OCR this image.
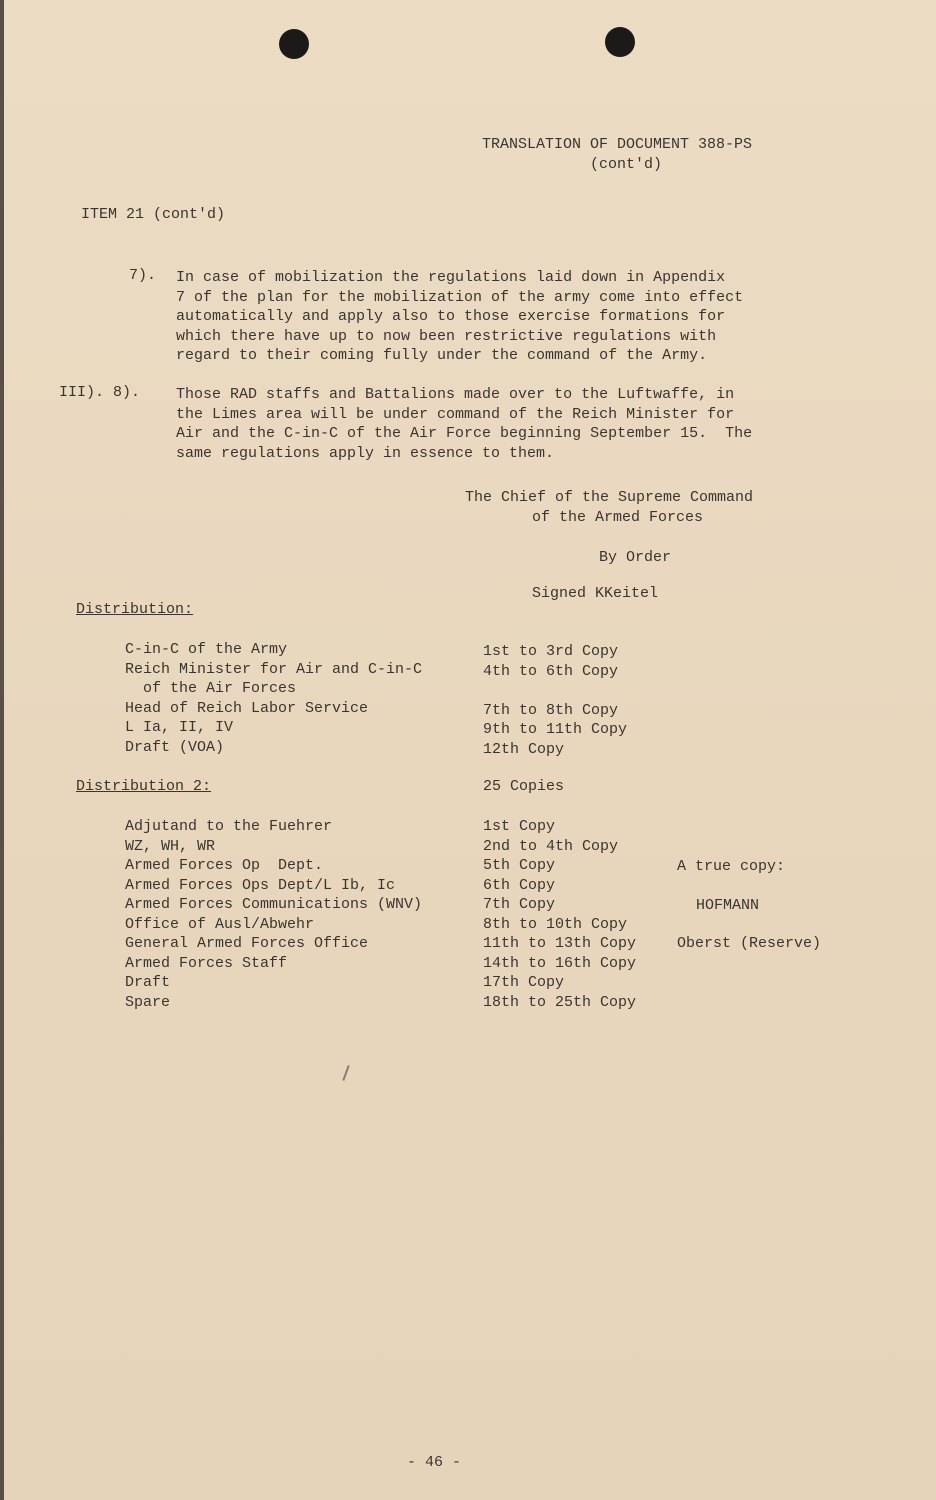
TRANSLATION OF DOCUMENT 388-PS
(cont'd)
ITEM 21 (cont'd)
7). In case of mobilization the regulations laid down in Appendix
7 of the plan for the mobilization of the army come into effect
automatically and apply also to those exercise formations for
which there have up to now been restrictive regulations with
regard to their coming fully under the command of the Army.
III). 8). Those RAD staffs and Battalions made over to the Luftwaffe, in
the Limes area will be under command of the Reich Minister for
Air and the C-in-C of the Air Force beginning September 15.  The
same regulations apply in essence to them.
The Chief of the Supreme Command
of the Armed Forces
By Order
Signed KKeitel
Distribution:
C-in-C of the Army
Reich Minister for Air and C-in-C
of the Air Forces
Head of Reich Labor Service
L Ia, II, IV
Draft (VOA)
1st to 3rd Copy
4th to 6th Copy
7th to 8th Copy
9th to 11th Copy
12th Copy
Distribution 2:	25 Copies
Adjutand to the Fuehrer
WZ, WH, WR
Armed Forces Op  Dept.
Armed Forces Ops Dept/L Ib, Ic
Armed Forces Communications (WNV)
Office of Ausl/Abwehr
General Armed Forces Office
Armed Forces Staff
Draft
Spare
1st Copy
2nd to 4th Copy
5th Copy
6th Copy
7th Copy
8th to 10th Copy
11th to 13th Copy
14th to 16th Copy
17th Copy
18th to 25th Copy
A true copy:
HOFMANN
Oberst (Reserve)
- 46 -
